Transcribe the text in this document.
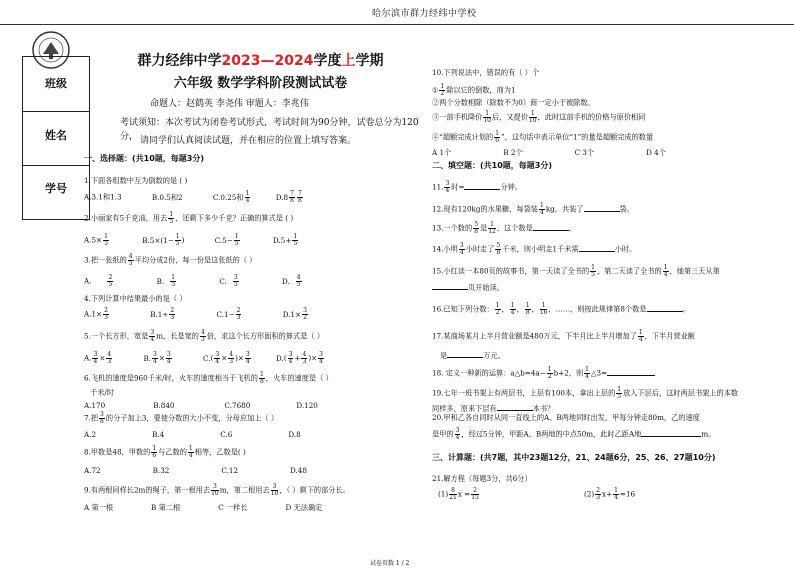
哈尔滨市群力经纬中学校
班级
姓名
学号
群力经纬中学2023—2024学度上学期
六年级 数学学科阶段测试试卷
命题人：赵鹤英 李尧伟 审题人：李兆伟
考试须知：本次考试为闭卷考试形式，考试时间为90分钟，试卷总分为120分， 请同学们认真阅读试题，并在相应的位置上填写答案。
一、选择题：(共10题，每题3分)
1.下面各组数中互为倒数的是 ( )
A.3.1和1.3	B.0.5和2	C.0.25和 $\frac{1}{4}$	$D.8 \frac{7}{8} \frac{7}{8}$
2.小丽家有5千克油，用去 $\frac{1}{5}$ ，还剩下多少千克？正确的算式是 ( )
$A.5\times \frac{1}{5}$	$B.5\times(1- \frac{1}{5}$ )	$C.5- \frac{1}{5}$	$D.5+ \frac{1}{5}$
3.把一张纸的 $\frac{4}{5}$ 平均分成2份，每一份是这张纸的（ ）
A.	$\frac{2}{5}$	B. $\frac{1}{5}$	C. $\frac{3}{5}$	D. $\frac{4}{5}$
4.下列计算中结果最小的是（ ）
$A.1\times \frac{2}{3}$	$B.1\div \frac{2}{3}$	$C.1- \frac{2}{3}$	$D.1\times \frac{3}{2}$
5.一个长方形，宽是 $\frac{3}{4}$ m，长是宽的 $\frac{4}{3}$ 倍，求这个长方形面积的算式是（ ）
A. $\frac{3}{4} \times \frac{4}{3}$	B. $\frac{3}{4} \times \frac{3}{4}$	$C.( \frac{3}{4} \times \frac{4}{3}$ )× $\frac{3}{4}$	$D.( \frac{3}{4} + \frac{4}{3}$ )× $\frac{3}{4}$
6.飞机的速度是960千米/时，火车的速度相当于飞机的 $\frac{1}{8}$ ，火车的速度是（ ）
千米/时
A.170	B.840	C.7680	D.120
7.把 $\frac{3}{8}$ 的分子加上3，要使分数的大小不变，分母应加上（ ）
A.2	B.4	C.6	D.8
8.甲数是48，甲数的 $\frac{1}{6}$ 与乙数的 $\frac{1}{4}$ 相等，乙数是( )
A.72	B.32	C.12	D.48
9.有两根同样长2m的绳子，第一根用去 $\frac{3}{10}$ m，第二根用去 $\frac{3}{10}$ ，（ ）剩下的部分长。
A 第一根	B 第二根	C 一样长	D 无法确定
10.下列说法中，错误的有（ ）个
① $\frac{1}{2}$ 除以它的倒数，商为1
②两个分数相除（除数不为0）商一定小于被除数。
③一部手机降价 $\frac{1}{10}$ 后，又提价 $\frac{1}{10}$ ，此时这部手机的价格与原价相同
④“超额完成计划的 $\frac{1}{6}$ ”，这句话中表示单位“1”的量是超额完成的数量
A 1个	B 2个	C 3个	D 4个
二、填空题：(共10题，每题3分)
11. $\frac{3}{4}$ 时=	分钟。
12.现有120kg的水果糖，每袋装 $\frac{1}{4}$ kg，共装了	袋。
13.一个数的 $\frac{5}{8}$ 是 $\frac{1}{12}$ ，这个数是	。
14.小明 $\frac{3}{4}$ 小时走了 $\frac{5}{8}$ 千米，则小明走1千米需	小时。
15.小红读一本80页的故事书，第一天读了全书的 $\frac{1}{5}$ ，第二天读了全书的 $\frac{1}{4}$ ，她第三天从第
页开始读。
16.已知下列分数： $\frac{1}{2}$ ， $\frac{1}{4}$ ， $\frac{1}{8}$ ， $\frac{1}{16}$ ，……，则按此规律第8个数是	。
17.某商场某月上半月营业额是480万元，下半月比上半月增加了 $\frac{1}{4}$ ，下半月营业额
是	万元。
18. 定义一种新的运算：a△b=4a− $\frac{1}{2} b+2$，则 $\frac{1}{4}$ △3=
19.七年一班书架上有两层书，上层有100本，拿出上层的 $\frac{1}{5}$ 放入下层后，这时两层书架上的本数
同样多，原来下层有	本书？
20.甲和乙各自同时从同一直线上的A、B两地同时出发，甲每分钟走80m，乙的速度
是甲的 $\frac{3}{4}$ ，经过5分钟，甲距A、B两地的中点50m，此时乙距A地	m。
三、计算题：(共7题，其中23题12分，21、24题6分，25、26、27题10分)
21.解方程（每题3分，共6分）
$(1) \frac{8}{21}$ $x = \frac{2}{15}$	$(2) \frac{2}{3} x+ \frac{1}{4} =16$
试卷页数 1 / 2
